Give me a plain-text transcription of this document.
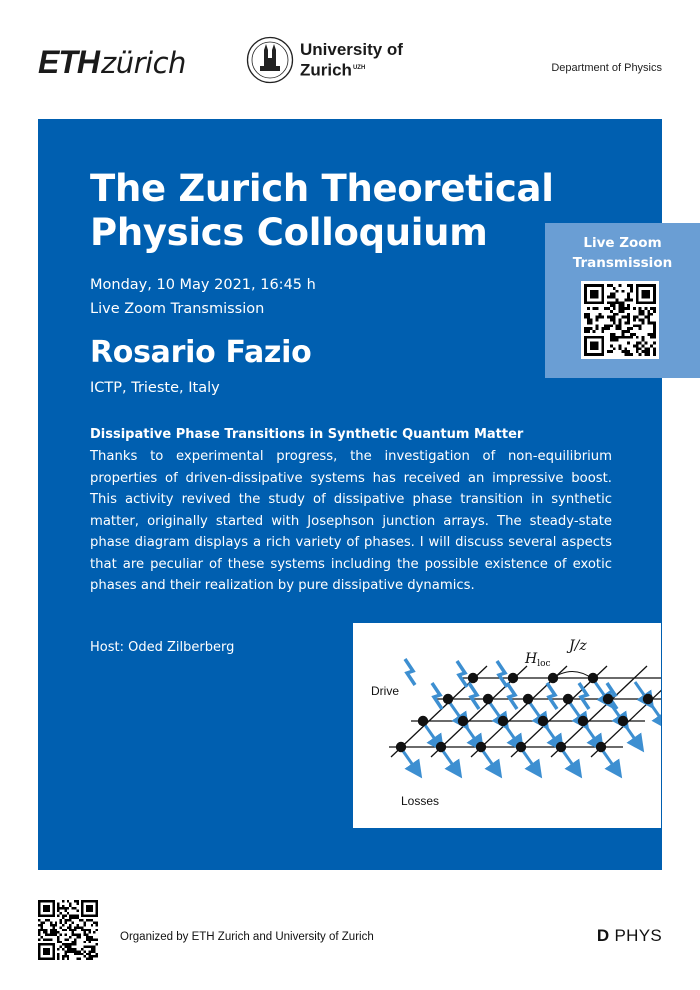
ETHzürich	University of
Zurich$^{UZH}$	Department of Physics
The Zurich Theoretical Physics Colloquium
Monday, 10 May 2021, 16:45 h
Live Zoom Transmission
Rosario Fazio
ICTP, Trieste, Italy
Dissipative Phase Transitions in Synthetic Quantum Matter

Thanks to experimental progress, the investigation of non-equilibrium properties of driven-dissipative systems has received an impressive boost. This activity revived the study of dissipative phase transition in synthetic matter, originally started with Josephson junction arrays. The steady-state phase diagram displays a rich variety of phases. I will discuss several aspects that are peculiar of these systems including the possible existence of exotic phases and their realization by pure dissipative dynamics.

Host: Oded Zilberberg
$H_{loc}$
J/z
Drive
Losses
Live Zoom
Transmission
Organized by ETH Zurich and University of Zurich	D PHYS
